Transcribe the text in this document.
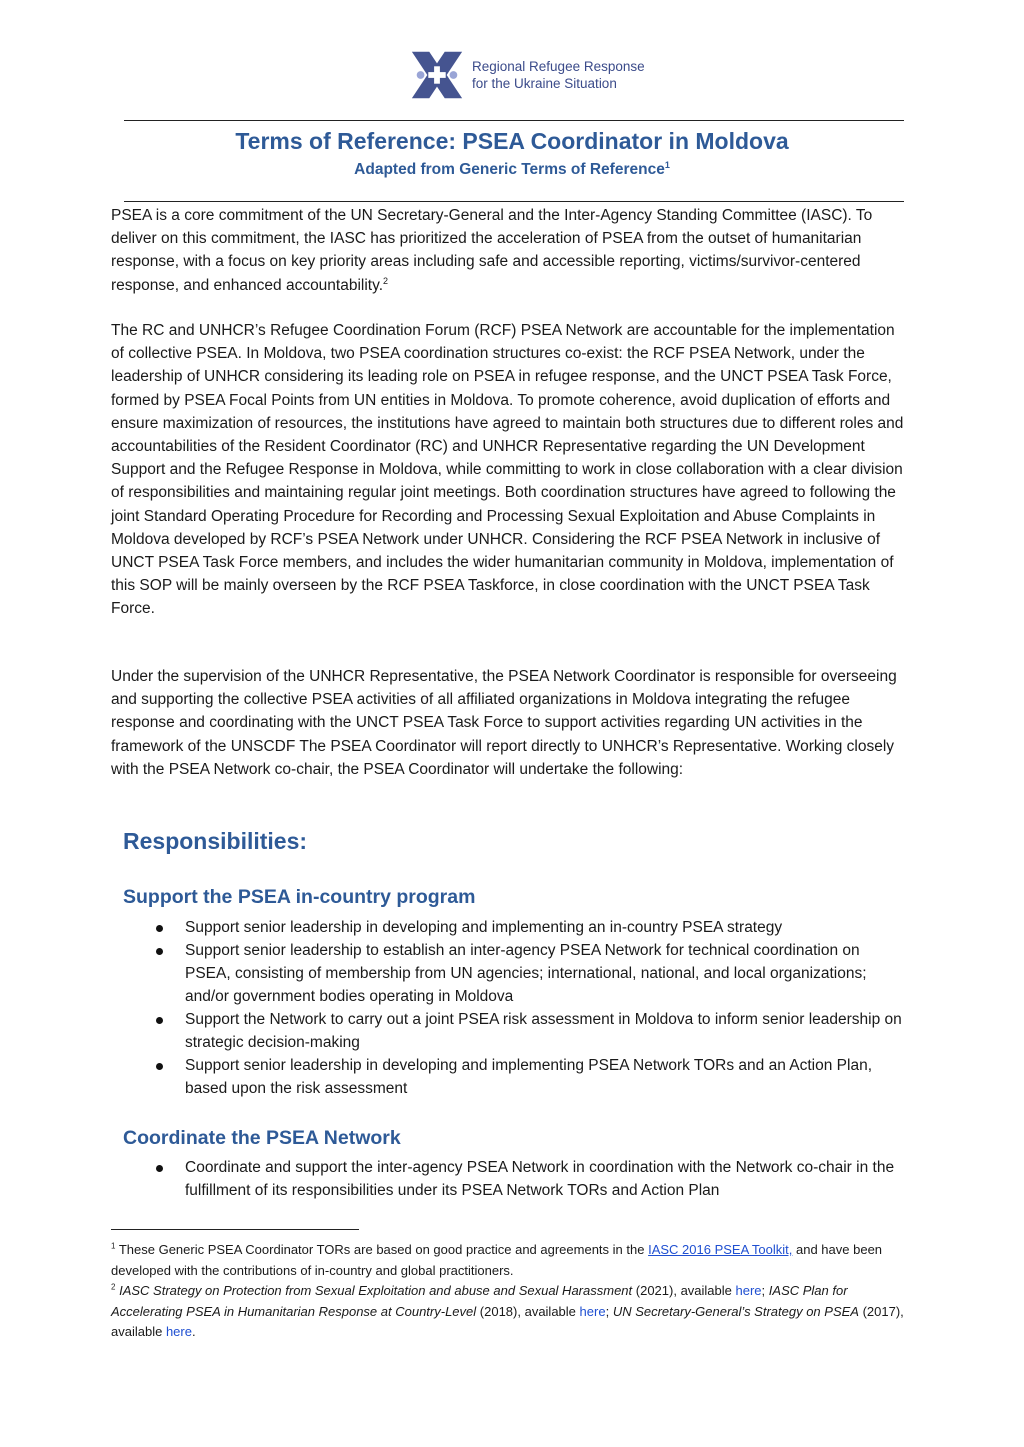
Regional Refugee Response
for the Ukraine Situation
Terms of Reference: PSEA Coordinator in Moldova
Adapted from Generic Terms of Reference$^1$

PSEA is a core commitment of the UN Secretary-General and the Inter-Agency Standing Committee (IASC). To deliver on this commitment, the IASC has prioritized the acceleration of PSEA from the outset of humanitarian response, with a focus on key priority areas including safe and accessible reporting, victims/survivor-centered response, and enhanced accountability.$^2$

The RC and UNHCR’s Refugee Coordination Forum (RCF) PSEA Network are accountable for the implementation of collective PSEA. In Moldova, two PSEA coordination structures co-exist: the RCF PSEA Network, under the leadership of UNHCR considering its leading role on PSEA in refugee response, and the UNCT PSEA Task Force, formed by PSEA Focal Points from UN entities in Moldova. To promote coherence, avoid duplication of efforts and ensure maximization of resources, the institutions have agreed to maintain both structures due to different roles and accountabilities of the Resident Coordinator (RC) and UNHCR Representative regarding the UN Development Support and the Refugee Response in Moldova, while committing to work in close collaboration with a clear division of responsibilities and maintaining regular joint meetings. Both coordination structures have agreed to following the joint Standard Operating Procedure for Recording and Processing Sexual Exploitation and Abuse Complaints in Moldova developed by RCF’s PSEA Network under UNHCR. Considering the RCF PSEA Network in inclusive of UNCT PSEA Task Force members, and includes the wider humanitarian community in Moldova, implementation of this SOP will be mainly overseen by the RCF PSEA Taskforce, in close coordination with the UNCT PSEA Task Force.

Under the supervision of the UNHCR Representative, the PSEA Network Coordinator is responsible for overseeing and supporting the collective PSEA activities of all affiliated organizations in Moldova integrating the refugee response and coordinating with the UNCT PSEA Task Force to support activities regarding UN activities in the framework of the UNSCDF The PSEA Coordinator will report directly to UNHCR’s Representative. Working closely with the PSEA Network co-chair, the PSEA Coordinator will undertake the following:

Responsibilities:
Support the PSEA in-country program
Support senior leadership in developing and implementing an in-country PSEA strategy
Support senior leadership to establish an inter-agency PSEA Network for technical coordination on PSEA, consisting of membership from UN agencies; international, national, and local organizations; and/or government bodies operating in Moldova
Support the Network to carry out a joint PSEA risk assessment in Moldova to inform senior leadership on strategic decision-making
Support senior leadership in developing and implementing PSEA Network TORs and an Action Plan, based upon the risk assessment
Coordinate the PSEA Network
Coordinate and support the inter-agency PSEA Network in coordination with the Network co-chair in the fulfillment of its responsibilities under its PSEA Network TORs and Action Plan

$^1$ These Generic PSEA Coordinator TORs are based on good practice and agreements in the IASC 2016 PSEA Toolkit, and have been developed with the contributions of in-country and global practitioners.

$^2$ IASC Strategy on Protection from Sexual Exploitation and abuse and Sexual Harassment (2021), available here; IASC Plan for Accelerating PSEA in Humanitarian Response at Country-Level (2018), available here; UN Secretary-General’s Strategy on PSEA (2017), available here.
